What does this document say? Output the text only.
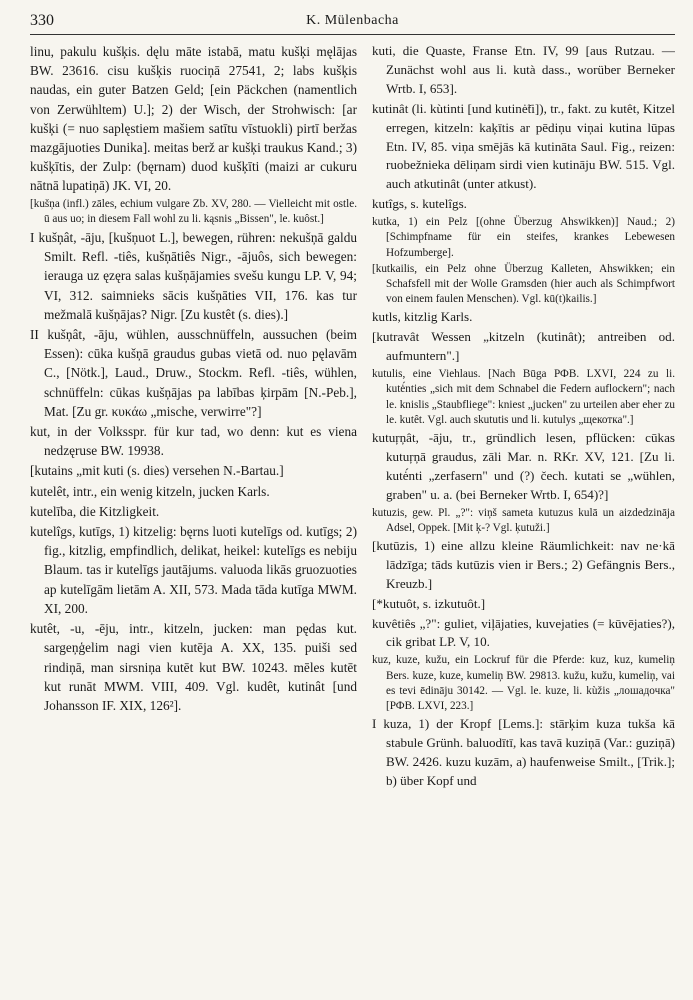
330	K. Mülenbacha

linu, pakulu kušķis. dęlu māte istabā, matu kušķi męlājas BW. 23616. cisu kušķis ruociņā 27541, 2; labs kušķis naudas, ein guter Batzen Geld; [ein Päckchen (namentlich von Zerwühltem) U.]; 2) der Wisch, der Strohwisch: [ar kušķi (= nuo saplęstiem mašiem satītu vīstuokli) pirtī beržas mazgājuoties Dunika]. meitas berž ar kušķi traukus Kand.; 3) kušķītis, der Zulp: (bęrnam) duod kušķīti (maizi ar cukuru nātnā lupatiņā) JK. VI, 20.

[kušņa (infl.) zāles, echium vulgare Zb. XV, 280. — Vielleicht mit ostle. ū aus uo; in diesem Fall wohl zu li. kąsnis „Bissen", le. kuôst.]

I kušņât, -āju, [kušņuot L.], bewegen, rühren: nekušņā galdu Smilt. Refl. -tiês, kušņātiês Nigr., -ājuôs, sich bewegen: ierauga uz ęzęra salas kušņājamies svešu kungu LP. V, 94; VI, 312. saimnieks sācis kušņāties VII, 176. kas tur mežmalā kušņājas? Nigr. [Zu kustêt (s. dies).]

II kušņât, -āju, wühlen, ausschnüffeln, aussuchen (beim Essen): cūka kušņā graudus gubas vietā od. nuo pęlavām C., [Nötk.], Laud., Druw., Stockm. Refl. -tiês, wühlen, schnüffeln: cūkas kušņājas pa labības ķirpām [N.-Peb.], Mat. [Zu gr. κυκάω „mische, verwirre"?]

kut, in der Volksspr. für kur tad, wo denn: kut es viena nedzęruse BW. 19938.

[kutains „mit kuti (s. dies) versehen N.-Bartau.]

kutelêt, intr., ein wenig kitzeln, jucken Karls.

kutelība, die Kitzligkeit.

kutelîgs, kutīgs, 1) kitzelig: bęrns luoti kutelīgs od. kutīgs; 2) fig., kitzlig, empfindlich, delikat, heikel: kutelīgs es nebiju Blaum. tas ir kutelīgs jautājums. valuoda likās gruozuoties ap kutelīgām lietām A. XII, 573. Mada tāda kutīga MWM. XI, 200.

kutêt, -u, -ēju, intr., kitzeln, jucken: man pędas kut. sargeņģelim nagi vien kutēja A. XX, 135. puiši sed rindiņā, man sirsniņa kutēt kut BW. 10243. mēles kutēt kut runāt MWM. VIII, 409. Vgl. kudêt, kutinât [und Johansson IF. XIX, 126²].

kuti, die Quaste, Franse Etn. IV, 99 [aus Rutzau. — Zunächst wohl aus li. kutà dass., worüber Berneker Wrtb. I, 653].

kutinât (li. kùtinti [und kutinė̃ti]), tr., fakt. zu kutêt, Kitzel erregen, kitzeln: kaķītis ar pēdiņu viņai kutina lūpas Etn. IV, 85. viņa smējās kā kutināta Saul. Fig., reizen: ruobežnieka dēliņam sirdi vien kutināju BW. 515. Vgl. auch atkutinât (unter atkust).

kutîgs, s. kutelîgs.

kutka, 1) ein Pelz [(ohne Überzug Ahswikken)] Naud.; 2) [Schimpfname für ein steifes, krankes Lebewesen Hofzumberge].

[kutkailis, ein Pelz ohne Überzug Kalleten, Ahswikken; ein Schafsfell mit der Wolle Gramsden (hier auch als Schimpfwort von einem faulen Menschen). Vgl. kū(t)kailis.]

kutls, kitzlig Karls.

[kutravât Wessen „kitzeln (kutinât); antreiben od. aufmuntern".]

kutulis, eine Viehlaus. [Nach Būga РФВ. LXVI, 224 zu li. kutė́nties „sich mit dem Schnabel die Federn auflockern"; nach le. knislis „Staubfliege": kniest „jucken" zu urteilen aber eher zu le. kutêt. Vgl. auch skututis und li. kutulys „щекотка".]

kutuŗņât, -āju, tr., gründlich lesen, pflücken: cūkas kutuŗņā graudus, zāli Mar. n. RKr. XV, 121. [Zu li. kutė́nti „zerfasern" und (?) čech. kutati se „wühlen, graben" u. a. (bei Berneker Wrtb. I, 654)?]

kutuzis, gew. Pl. „?": viņš sameta kutuzus kulā un aizdedzināja Adsel, Oppek. [Mit ķ-? Vgl. ķutuži.]

[kutūzis, 1) eine allzu kleine Räumlichkeit: nav ne·kā lādzīga; tāds kutūzis vien ir Bers.; 2) Gefängnis Bers., Kreuzb.]

[*kutuôt, s. izkutuôt.]

kuvêtiês „?": guliet, viļājaties, kuvejaties (= kūvējaties?), cik gribat LP. V, 10.

kuz, kuze, kužu, ein Lockruf für die Pferde: kuz, kuz, kumeliņ Bers. kuze, kuze, kumeliņ BW. 29813. kužu, kužu, kumeliņ, vai es tevi ēdināju 30142. — Vgl. le. kuze, li. kùžis „лошадочка" [РФВ. LXVI, 223.]

I kuza, 1) der Kropf [Lems.]: stārķim kuza tukša kā stabule Grünh. baluodītī, kas tavā kuziņā (Var.: guziņā) BW. 2426. kuzu kuzām, a) haufenweise Smilt., [Trik.]; b) über Kopf und
